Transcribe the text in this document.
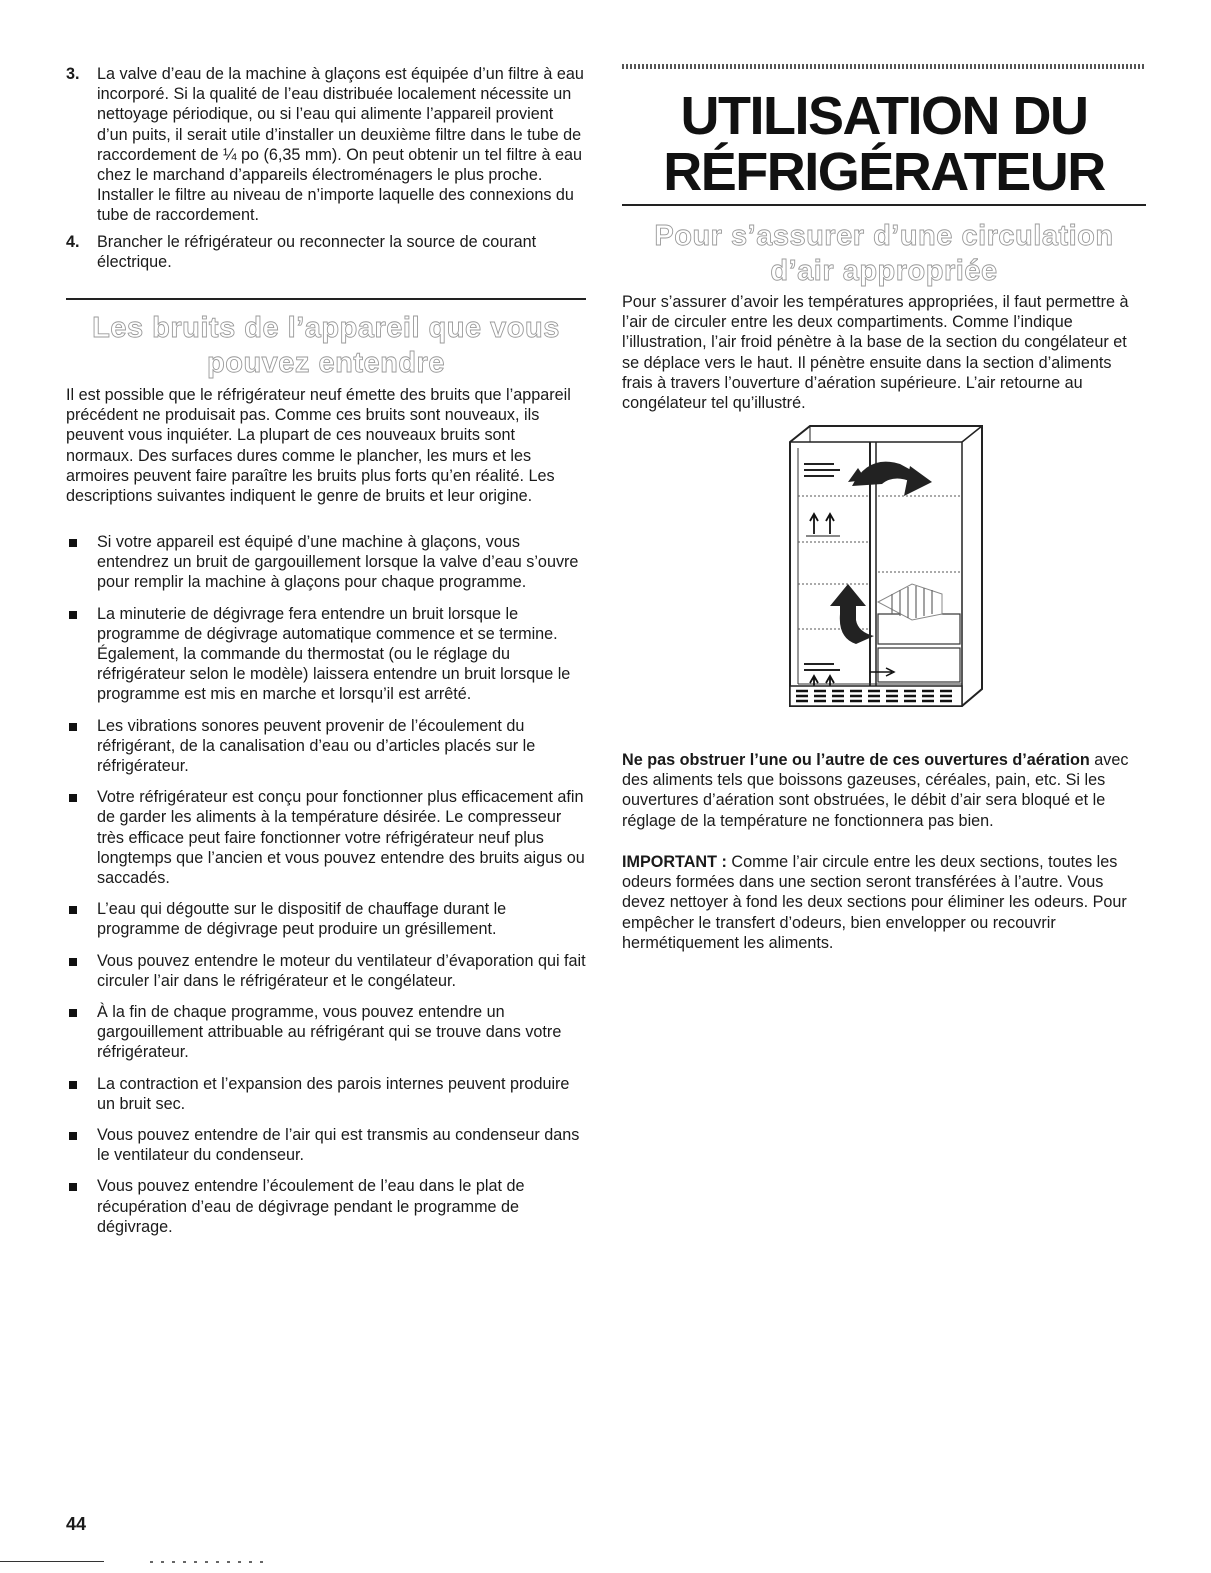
3. La valve d’eau de la machine à glaçons est équipée d’un filtre à eau incorporé. Si la qualité de l’eau distribuée localement nécessite un nettoyage périodique, ou si l’eau qui alimente l’appareil provient d’un puits, il serait utile d’installer un deuxième filtre dans le tube de raccordement de ¼ po (6,35 mm). On peut obtenir un tel filtre à eau chez le marchand d’appareils électroménagers le plus proche. Installer le filtre au niveau de n’importe laquelle des connexions du tube de raccordement.
4. Brancher le réfrigérateur ou reconnecter la source de courant électrique.
Les bruits de l’appareil que vous pouvez entendre

Il est possible que le réfrigérateur neuf émette des bruits que l’appareil précédent ne produisait pas. Comme ces bruits sont nouveaux, ils peuvent vous inquiéter. La plupart de ces nouveaux bruits sont normaux. Des surfaces dures comme le plancher, les murs et les armoires peuvent faire paraître les bruits plus forts qu’en réalité. Les descriptions suivantes indiquent le genre de bruits et leur origine.

Si votre appareil est équipé d’une machine à glaçons, vous entendrez un bruit de gargouillement lorsque la valve d’eau s’ouvre pour remplir la machine à glaçons pour chaque programme.
La minuterie de dégivrage fera entendre un bruit lorsque le programme de dégivrage automatique commence et se termine. Également, la commande du thermostat (ou le réglage du réfrigérateur selon le modèle) laissera entendre un bruit lorsque le programme est mis en marche et lorsqu’il est arrêté.
Les vibrations sonores peuvent provenir de l’écoulement du réfrigérant, de la canalisation d’eau ou d’articles placés sur le réfrigérateur.
Votre réfrigérateur est conçu pour fonctionner plus efficacement afin de garder les aliments à la température désirée. Le compresseur très efficace peut faire fonctionner votre réfrigérateur neuf plus longtemps que l’ancien et vous pouvez entendre des bruits aigus ou saccadés.
L’eau qui dégoutte sur le dispositif de chauffage durant le programme de dégivrage peut produire un grésillement.
Vous pouvez entendre le moteur du ventilateur d’évaporation qui fait circuler l’air dans le réfrigérateur et le congélateur.
À la fin de chaque programme, vous pouvez entendre un gargouillement attribuable au réfrigérant qui se trouve dans votre réfrigérateur.
La contraction et l’expansion des parois internes peuvent produire un bruit sec.
Vous pouvez entendre de l’air qui est transmis au condenseur dans le ventilateur du condenseur.
Vous pouvez entendre l’écoulement de l’eau dans le plat de récupération d’eau de dégivrage pendant le programme de dégivrage.
UTILISATION DU
RÉFRIGÉRATEUR
Pour s’assurer d’une circulation d’air appropriée

Pour s’assurer d’avoir les températures appropriées, il faut permettre à l’air de circuler entre les deux compartiments. Comme l’indique l’illustration, l’air froid pénètre à la base de la section du congélateur et se déplace vers le haut. Il pénètre ensuite dans la section d’aliments frais à travers l’ouverture d’aération supérieure. L’air retourne au congélateur tel qu’illustré.

Ne pas obstruer l’une ou l’autre de ces ouvertures d’aération avec des aliments tels que boissons gazeuses, céréales, pain, etc. Si les ouvertures d’aération sont obstruées, le débit d’air sera bloqué et le réglage de la température ne fonctionnera pas bien.

IMPORTANT : Comme l’air circule entre les deux sections, toutes les odeurs formées dans une section seront transférées à l’autre. Vous devez nettoyer à fond les deux sections pour éliminer les odeurs. Pour empêcher le transfert d’odeurs, bien envelopper ou recouvrir hermétiquement les aliments.

44
